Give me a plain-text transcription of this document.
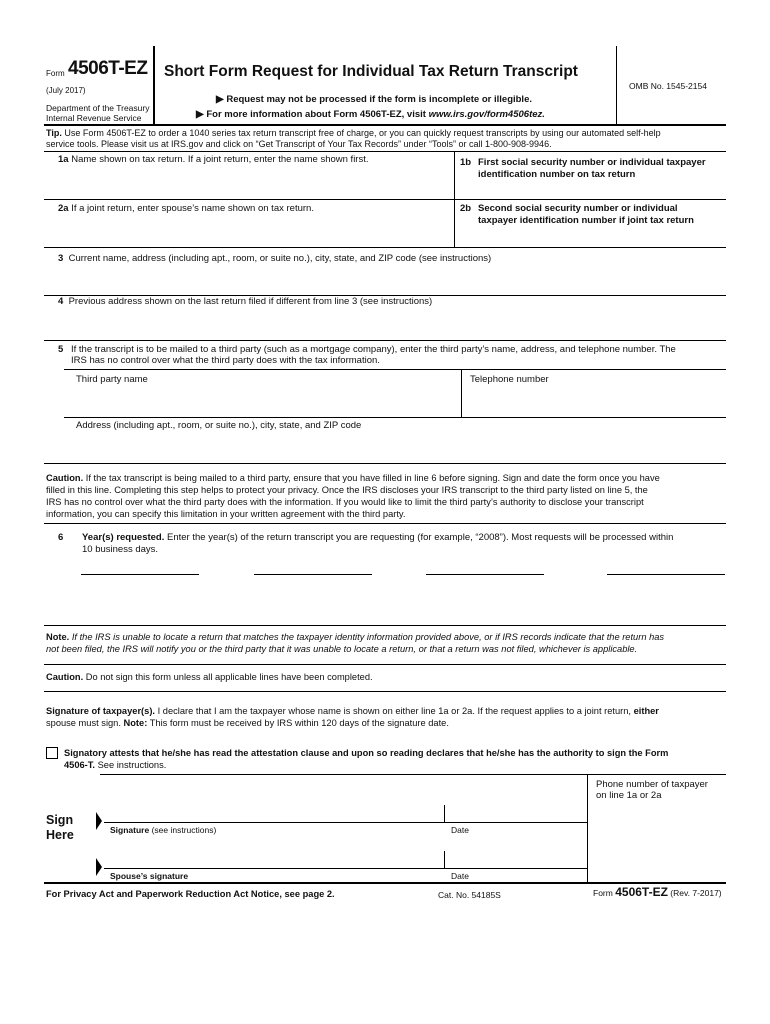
Form 4506T-EZ
(July 2017)
Department of the Treasury
Internal Revenue Service
Short Form Request for Individual Tax Return Transcript
▶ Request may not be processed if the form is incomplete or illegible.
▶ For more information about Form 4506T-EZ, visit www.irs.gov/form4506tez.
OMB No. 1545-2154
Tip. Use Form 4506T-EZ to order a 1040 series tax return transcript free of charge, or you can quickly request transcripts by using our automated self-help
service tools. Please visit us at IRS.gov and click on “Get Transcript of Your Tax Records” under “Tools” or call 1-800-908-9946.
1a Name shown on tax return. If a joint return, enter the name shown first.	1b First social security number or individual taxpayer
identification number on tax return
2a If a joint return, enter spouse’s name shown on tax return.	2b Second social security number or individual
taxpayer identification number if joint tax return
3 Current name, address (including apt., room, or suite no.), city, state, and ZIP code (see instructions)
4 Previous address shown on the last return filed if different from line 3 (see instructions)
5 If the transcript is to be mailed to a third party (such as a mortgage company), enter the third party’s name, address, and telephone number. The
IRS has no control over what the third party does with the tax information.
Third party name	Telephone number
Address (including apt., room, or suite no.), city, state, and ZIP code
Caution. If the tax transcript is being mailed to a third party, ensure that you have filled in line 6 before signing. Sign and date the form once you have
filled in this line. Completing this step helps to protect your privacy. Once the IRS discloses your IRS transcript to the third party listed on line 5, the
IRS has no control over what the third party does with the information. If you would like to limit the third party’s authority to disclose your transcript
information, you can specify this limitation in your written agreement with the third party.
6 Year(s) requested. Enter the year(s) of the return transcript you are requesting (for example, “2008”). Most requests will be processed within
10 business days.
Note. If the IRS is unable to locate a return that matches the taxpayer identity information provided above, or if IRS records indicate that the return has
not been filed, the IRS will notify you or the third party that it was unable to locate a return, or that a return was not filed, whichever is applicable.
Caution. Do not sign this form unless all applicable lines have been completed.
Signature of taxpayer(s). I declare that I am the taxpayer whose name is shown on either line 1a or 2a. If the request applies to a joint return, either
spouse must sign. Note: This form must be received by IRS within 120 days of the signature date.
Signatory attests that he/she has read the attestation clause and upon so reading declares that he/she has the authority to sign the Form
4506-T. See instructions.
Phone number of taxpayer
on line 1a or 2a
Sign
Here	Signature (see instructions)	Date
Spouse’s signature	Date
For Privacy Act and Paperwork Reduction Act Notice, see page 2.	Cat. No. 54185S	Form 4506T-EZ (Rev. 7-2017)
